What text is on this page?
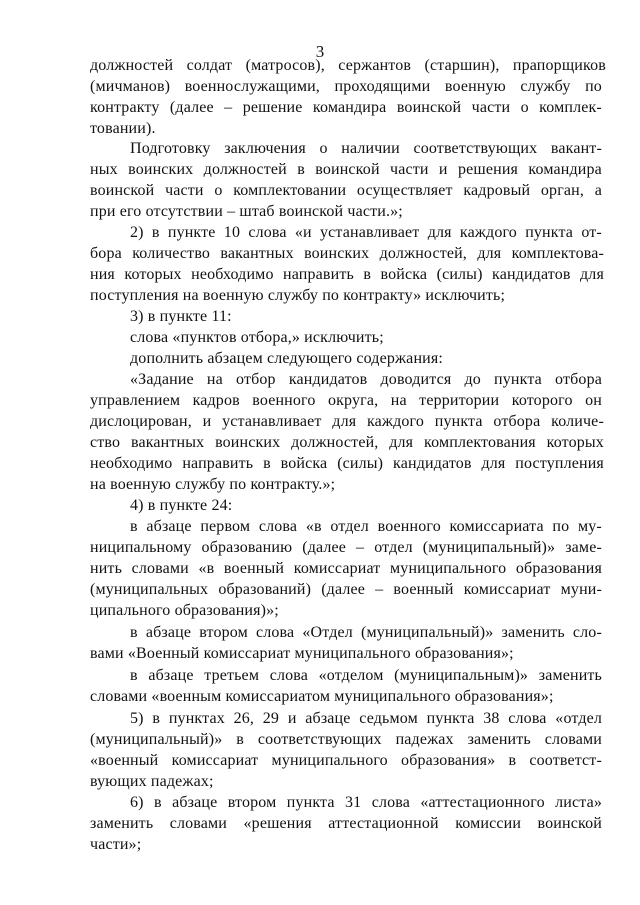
3
должностей солдат (матросов), сержантов (старшин), прапорщиков
(мичманов) военнослужащими, проходящими военную службу по
контракту (далее – решение командира воинской части о комплек-
товании).
Подготовку заключения о наличии соответствующих вакант-
ных воинских должностей в воинской части и решения командира
воинской части о комплектовании осуществляет кадровый орган, а
при его отсутствии – штаб воинской части.»;
2) в пункте 10 слова «и устанавливает для каждого пункта от-
бора количество вакантных воинских должностей, для комплектова-
ния которых необходимо направить в войска (силы) кандидатов для
поступления на военную службу по контракту» исключить;
3) в пункте 11:
слова «пунктов отбора,» исключить;
дополнить абзацем следующего содержания:
«Задание на отбор кандидатов доводится до пункта отбора
управлением кадров военного округа, на территории которого он
дислоцирован, и устанавливает для каждого пункта отбора количе-
ство вакантных воинских должностей, для комплектования которых
необходимо направить в войска (силы) кандидатов для поступления
на военную службу по контракту.»;
4) в пункте 24:
в абзаце первом слова «в отдел военного комиссариата по му-
ниципальному образованию (далее – отдел (муниципальный)» заме-
нить словами «в военный комиссариат муниципального образования
(муниципальных образований) (далее – военный комиссариат муни-
ципального образования)»;
в абзаце втором слова «Отдел (муниципальный)» заменить сло-
вами «Военный комиссариат муниципального образования»;
в абзаце третьем слова «отделом (муниципальным)» заменить
словами «военным комиссариатом муниципального образования»;
5) в пунктах 26, 29 и абзаце седьмом пункта 38 слова «отдел
(муниципальный)» в соответствующих падежах заменить словами
«военный комиссариат муниципального образования» в соответст-
вующих падежах;
6) в абзаце втором пункта 31 слова «аттестационного листа»
заменить словами «решения аттестационной комиссии воинской
части»;
